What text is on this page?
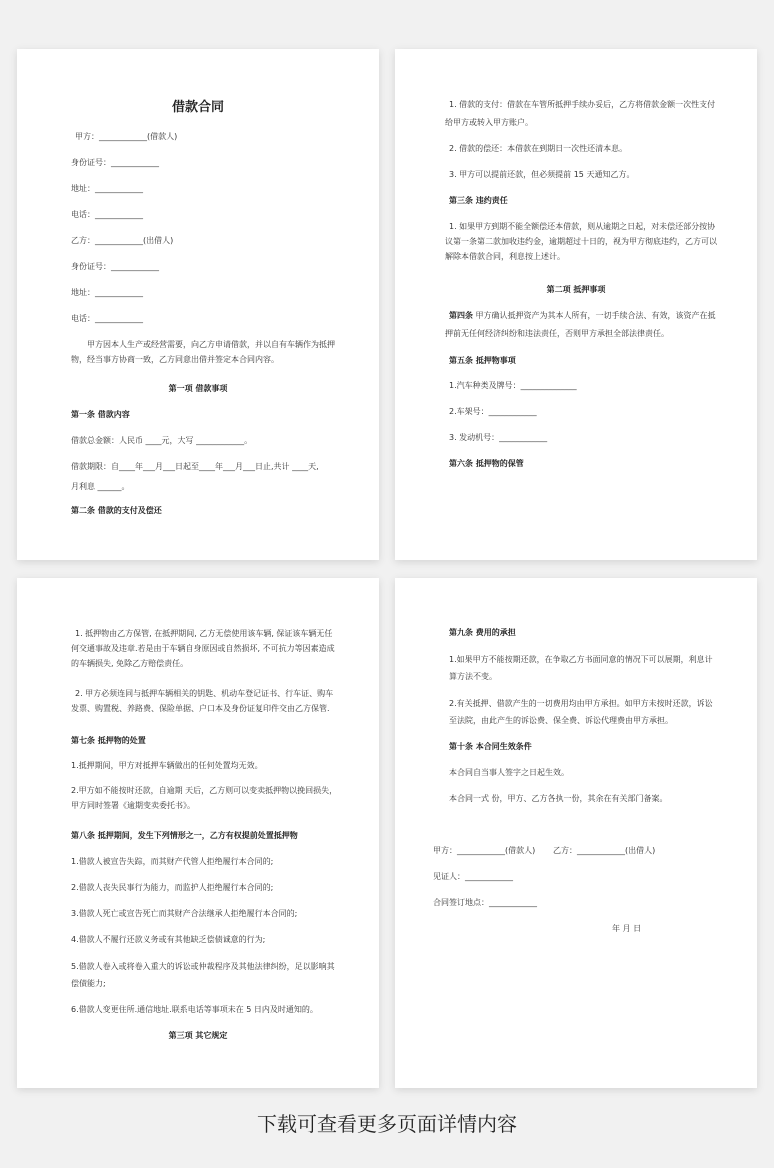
借款合同
甲方：____________(借款人)
身份证号：____________
地址：____________
电话：____________
乙方：____________(出借人)
身份证号：____________
地址：____________
电话：____________
甲方因本人生产或经营需要，向乙方申请借款，并以自有车辆作为抵押物，经当事方协商一致，乙方同意出借并签定本合同内容。
第一项 借款事项
第一条 借款内容
借款总金额：人民币 ____元，大写 ____________。
借款期限：自____年___月___日起至____年___月___日止,共计 ____天,
月利息 ______。
第二条 借款的支付及偿还
1. 借款的支付：借款在车管所抵押手续办妥后，乙方将借款金额一次性支付给甲方或转入甲方账户。
2. 借款的偿还：本借款在到期日一次性还清本息。
3. 甲方可以提前还款，但必须提前 15 天通知乙方。
第三条 违约责任
1. 如果甲方到期不能全额偿还本借款，则从逾期之日起，对未偿还部分按协议第一条第二款加收违约金，逾期超过十日的，视为甲方彻底违约，乙方可以解除本借款合同，利息按上述计。
第二项 抵押事项
第四条 甲方确认抵押资产为其本人所有，一切手续合法、有效，该资产在抵押前无任何经济纠纷和违法责任，否则甲方承担全部法律责任。
第五条 抵押物事项
1.汽车种类及牌号：______________
2.车架号：____________
3. 发动机号：____________
第六条 抵押物的保管
1. 抵押物由乙方保管, 在抵押期间, 乙方无偿使用该车辆, 保证该车辆无任何交通事故及违章.若是由于车辆自身原因或自然损坏, 不可抗力等因素造成的车辆损失, 免除乙方赔偿责任。
2. 甲方必须连同与抵押车辆相关的钥匙、机动车登记证书、行车证、购车发票、购置税、养路费、保险单据、户口本及身份证复印件交由乙方保管.
第七条 抵押物的处置
1.抵押期间，甲方对抵押车辆做出的任何处置均无效。
2.甲方如不能按时还款，自逾期 天后，乙方则可以变卖抵押物以挽回损失，甲方同时签署《逾期变卖委托书》。
第八条 抵押期间，发生下列情形之一，乙方有权提前处置抵押物
1.借款人被宣告失踪，而其财产代管人拒绝履行本合同的;
2.借款人丧失民事行为能力，而监护人拒绝履行本合同的;
3.借款人死亡或宣告死亡而其财产合法继承人拒绝履行本合同的;
4.借款人不履行还款义务或有其他缺乏偿债诚意的行为;
5.借款人卷入或将卷入重大的诉讼或仲裁程序及其他法律纠纷，足以影响其偿债能力;
6.借款人变更住所.通信地址.联系电话等事项未在 5 日内及时通知的。
第三项 其它规定
第九条 费用的承担
1.如果甲方不能按期还款，在争取乙方书面同意的情况下可以展期，利息计算方法不变。
2.有关抵押、借款产生的一切费用均由甲方承担。如甲方未按时还款，诉讼至法院，由此产生的诉讼费、保全费、诉讼代理费由甲方承担。
第十条 本合同生效条件
本合同自当事人签字之日起生效。
本合同一式 份，甲方、乙方各执一份，其余在有关部门备案。
甲方：____________(借款人) 乙方：____________(出借人)
见证人：____________
合同签订地点：____________
年 月 日
下载可查看更多页面详情内容
